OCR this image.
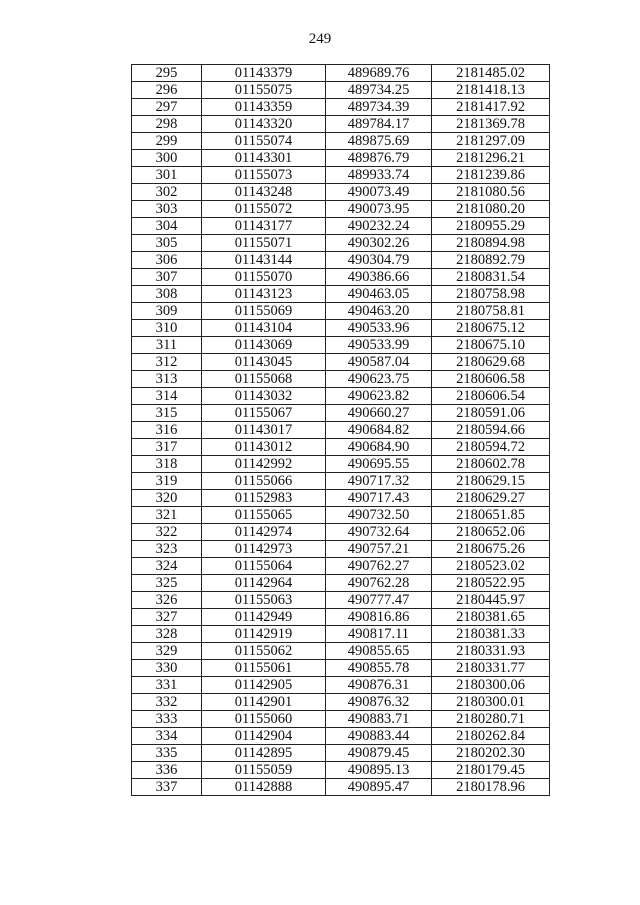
249
295	01143379	489689.76	2181485.02
296	01155075	489734.25	2181418.13
297	01143359	489734.39	2181417.92
298	01143320	489784.17	2181369.78
299	01155074	489875.69	2181297.09
300	01143301	489876.79	2181296.21
301	01155073	489933.74	2181239.86
302	01143248	490073.49	2181080.56
303	01155072	490073.95	2181080.20
304	01143177	490232.24	2180955.29
305	01155071	490302.26	2180894.98
306	01143144	490304.79	2180892.79
307	01155070	490386.66	2180831.54
308	01143123	490463.05	2180758.98
309	01155069	490463.20	2180758.81
310	01143104	490533.96	2180675.12
311	01143069	490533.99	2180675.10
312	01143045	490587.04	2180629.68
313	01155068	490623.75	2180606.58
314	01143032	490623.82	2180606.54
315	01155067	490660.27	2180591.06
316	01143017	490684.82	2180594.66
317	01143012	490684.90	2180594.72
318	01142992	490695.55	2180602.78
319	01155066	490717.32	2180629.15
320	01152983	490717.43	2180629.27
321	01155065	490732.50	2180651.85
322	01142974	490732.64	2180652.06
323	01142973	490757.21	2180675.26
324	01155064	490762.27	2180523.02
325	01142964	490762.28	2180522.95
326	01155063	490777.47	2180445.97
327	01142949	490816.86	2180381.65
328	01142919	490817.11	2180381.33
329	01155062	490855.65	2180331.93
330	01155061	490855.78	2180331.77
331	01142905	490876.31	2180300.06
332	01142901	490876.32	2180300.01
333	01155060	490883.71	2180280.71
334	01142904	490883.44	2180262.84
335	01142895	490879.45	2180202.30
336	01155059	490895.13	2180179.45
337	01142888	490895.47	2180178.96
